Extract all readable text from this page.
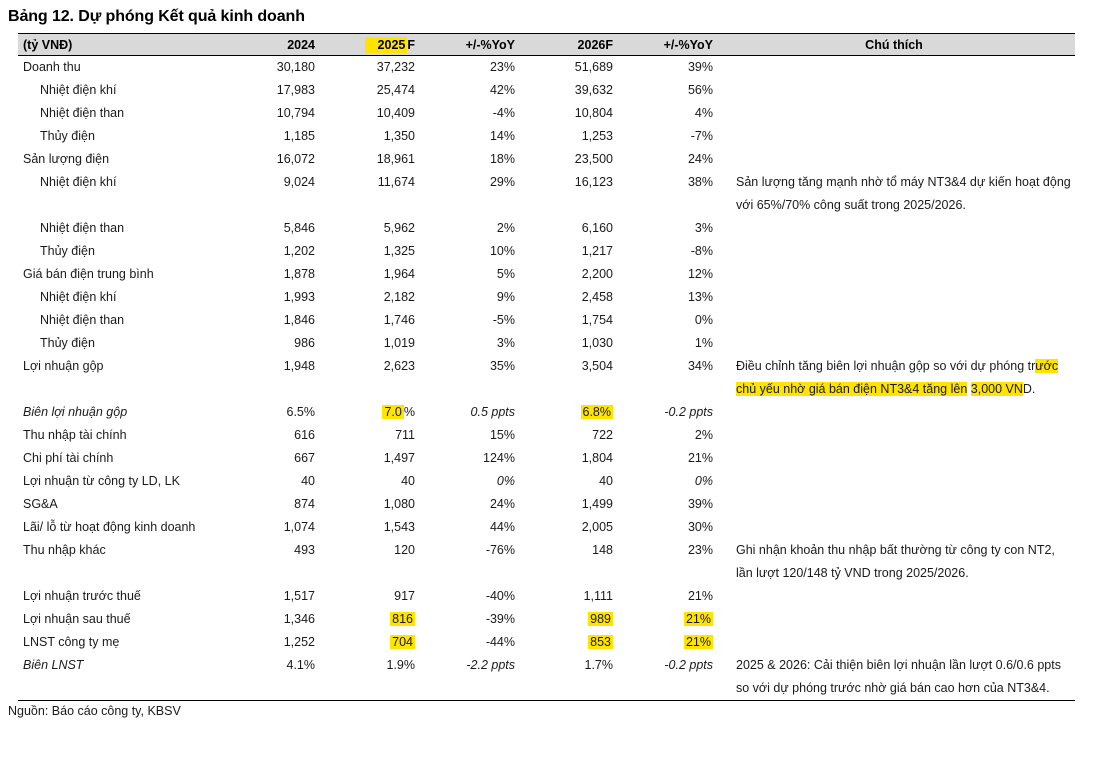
Bảng 12. Dự phóng Kết quả kinh doanh
(tỷ VNĐ)	2024	2025 F	+/-%YoY	2026F	+/-%YoY	Chú thích
Doanh thu	30,180	37,232	23%	51,689	39%	
Nhiệt điện khí	17,983	25,474	42%	39,632	56%	
Nhiệt điện than	10,794	10,409	-4%	10,804	4%	
Thủy điện	1,185	1,350	14%	1,253	-7%	
Sản lượng điện	16,072	18,961	18%	23,500	24%	
Nhiệt điện khí	9,024	11,674	29%	16,123	38%	Sản lượng tăng mạnh nhờ tổ máy NT3&4 dự kiến hoạt động với 65%/70% công suất trong 2025/2026.
Nhiệt điện than	5,846	5,962	2%	6,160	3%	
Thủy điện	1,202	1,325	10%	1,217	-8%	
Giá bán điện trung bình	1,878	1,964	5%	2,200	12%	
Nhiệt điện khí	1,993	2,182	9%	2,458	13%	
Nhiệt điện than	1,846	1,746	-5%	1,754	0%	
Thủy điện	986	1,019	3%	1,030	1%	
Lợi nhuận gộp	1,948	2,623	35%	3,504	34%	Điều chỉnh tăng biên lợi nhuận gộp so với dự phóng trước chủ yếu nhờ giá bán điện NT3&4 tăng lên 3,000 VND.
Biên lợi nhuận gộp	6.5%	7.0 %	0.5 ppts	6.8%	-0.2 ppts	
Thu nhập tài chính	616	711	15%	722	2%	
Chi phí tài chính	667	1,497	124%	1,804	21%	
Lợi nhuận từ công ty LD, LK	40	40	0%	40	0%	
SG&A	874	1,080	24%	1,499	39%	
Lãi/ lỗ từ hoạt động kinh doanh	1,074	1,543	44%	2,005	30%	
Thu nhập khác	493	120	-76%	148	23%	Ghi nhận khoản thu nhập bất thường từ công ty con NT2, lần lượt 120/148 tỷ VND trong 2025/2026.
Lợi nhuận trước thuế	1,517	917	-40%	1,111	21%	
Lợi nhuận sau thuế	1,346	816	-39%	989	21%	
LNST công ty mẹ	1,252	704	-44%	853	21%	
Biên LNST	4.1%	1.9%	-2.2 ppts	1.7%	-0.2 ppts	2025 & 2026: Cải thiện biên lợi nhuận lần lượt 0.6/0.6 ppts so với dự phóng trước nhờ giá bán cao hơn của NT3&4.
Nguồn: Báo cáo công ty, KBSV
